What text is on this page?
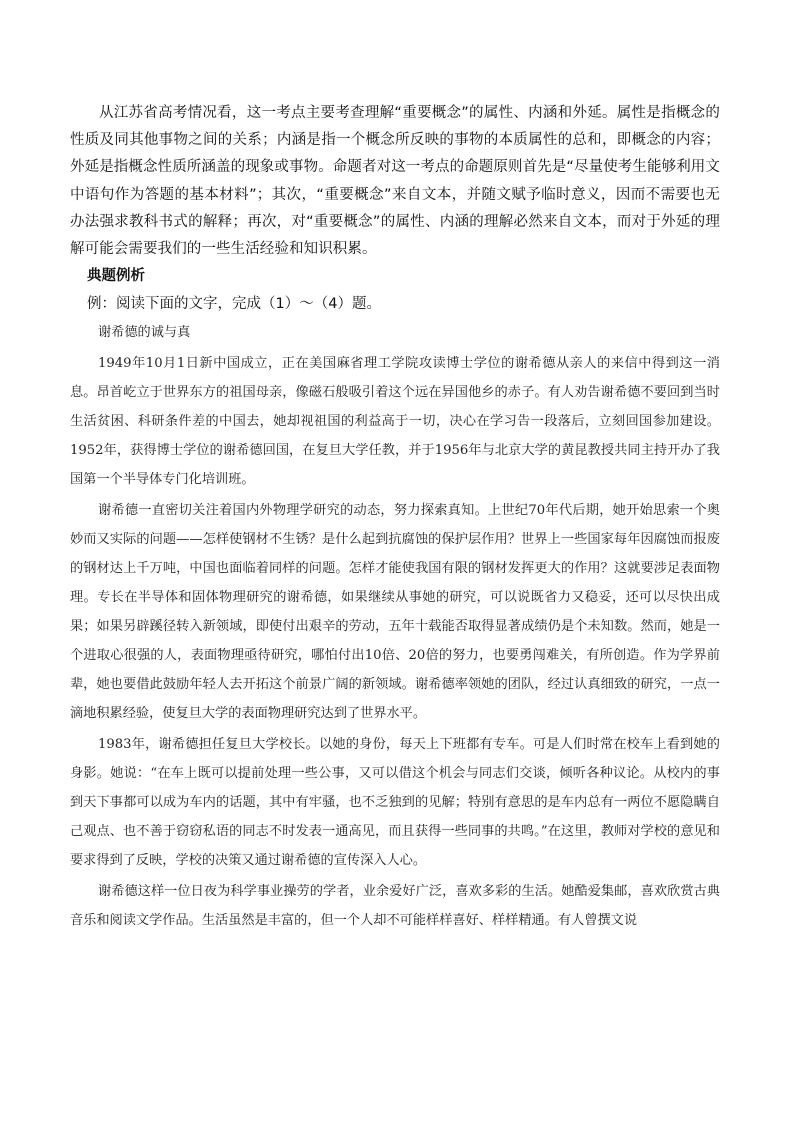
从江苏省高考情况看，这一考点主要考查理解“重要概念”的属性、内涵和外延。属性是指概念的性质及同其他事物之间的关系；内涵是指一个概念所反映的事物的本质属性的总和，即概念的内容；外延是指概念性质所涵盖的现象或事物。命题者对这一考点的命题原则首先是“尽量使考生能够利用文中语句作为答题的基本材料”；其次，“重要概念”来自文本，并随文赋予临时意义，因而不需要也无办法强求教科书式的解释；再次，对“重要概念”的属性、内涵的理解必然来自文本，而对于外延的理解可能会需要我们的一些生活经验和知识积累。

典题例析

例：阅读下面的文字，完成（1）～（4）题。

谢希德的诚与真

1949年10月1日新中国成立，正在美国麻省理工学院攻读博士学位的谢希德从亲人的来信中得到这一消息。昂首屹立于世界东方的祖国母亲，像磁石般吸引着这个远在异国他乡的赤子。有人劝告谢希德不要回到当时生活贫困、科研条件差的中国去，她却视祖国的利益高于一切，决心在学习告一段落后，立刻回国参加建设。1952年，获得博士学位的谢希德回国，在复旦大学任教，并于1956年与北京大学的黄昆教授共同主持开办了我国第一个半导体专门化培训班。

谢希德一直密切关注着国内外物理学研究的动态，努力探索真知。上世纪70年代后期，她开始思索一个奥妙而又实际的问题——怎样使钢材不生锈？是什么起到抗腐蚀的保护层作用？世界上一些国家每年因腐蚀而报废的钢材达上千万吨，中国也面临着同样的问题。怎样才能使我国有限的钢材发挥更大的作用？这就要涉足表面物理。专长在半导体和固体物理研究的谢希德，如果继续从事她的研究，可以说既省力又稳妥，还可以尽快出成果；如果另辟蹊径转入新领域，即使付出艰辛的劳动，五年十载能否取得显著成绩仍是个未知数。然而，她是一个进取心很强的人，表面物理亟待研究，哪怕付出10倍、20倍的努力，也要勇闯难关，有所创造。作为学界前辈，她也要借此鼓励年轻人去开拓这个前景广阔的新领域。谢希德率领她的团队，经过认真细致的研究，一点一滴地积累经验，使复旦大学的表面物理研究达到了世界水平。

1983年，谢希德担任复旦大学校长。以她的身份，每天上下班都有专车。可是人们时常在校车上看到她的身影。她说：“在车上既可以提前处理一些公事，又可以借这个机会与同志们交谈，倾听各种议论。从校内的事到天下事都可以成为车内的话题，其中有牢骚，也不乏独到的见解；特别有意思的是车内总有一两位不愿隐瞒自己观点、也不善于窃窃私语的同志不时发表一通高见，而且获得一些同事的共鸣。”在这里，教师对学校的意见和要求得到了反映，学校的决策又通过谢希德的宣传深入人心。

谢希德这样一位日夜为科学事业操劳的学者，业余爱好广泛，喜欢多彩的生活。她酷爱集邮，喜欢欣赏古典音乐和阅读文学作品。生活虽然是丰富的，但一个人却不可能样样喜好、样样精通。有人曾撰文说
